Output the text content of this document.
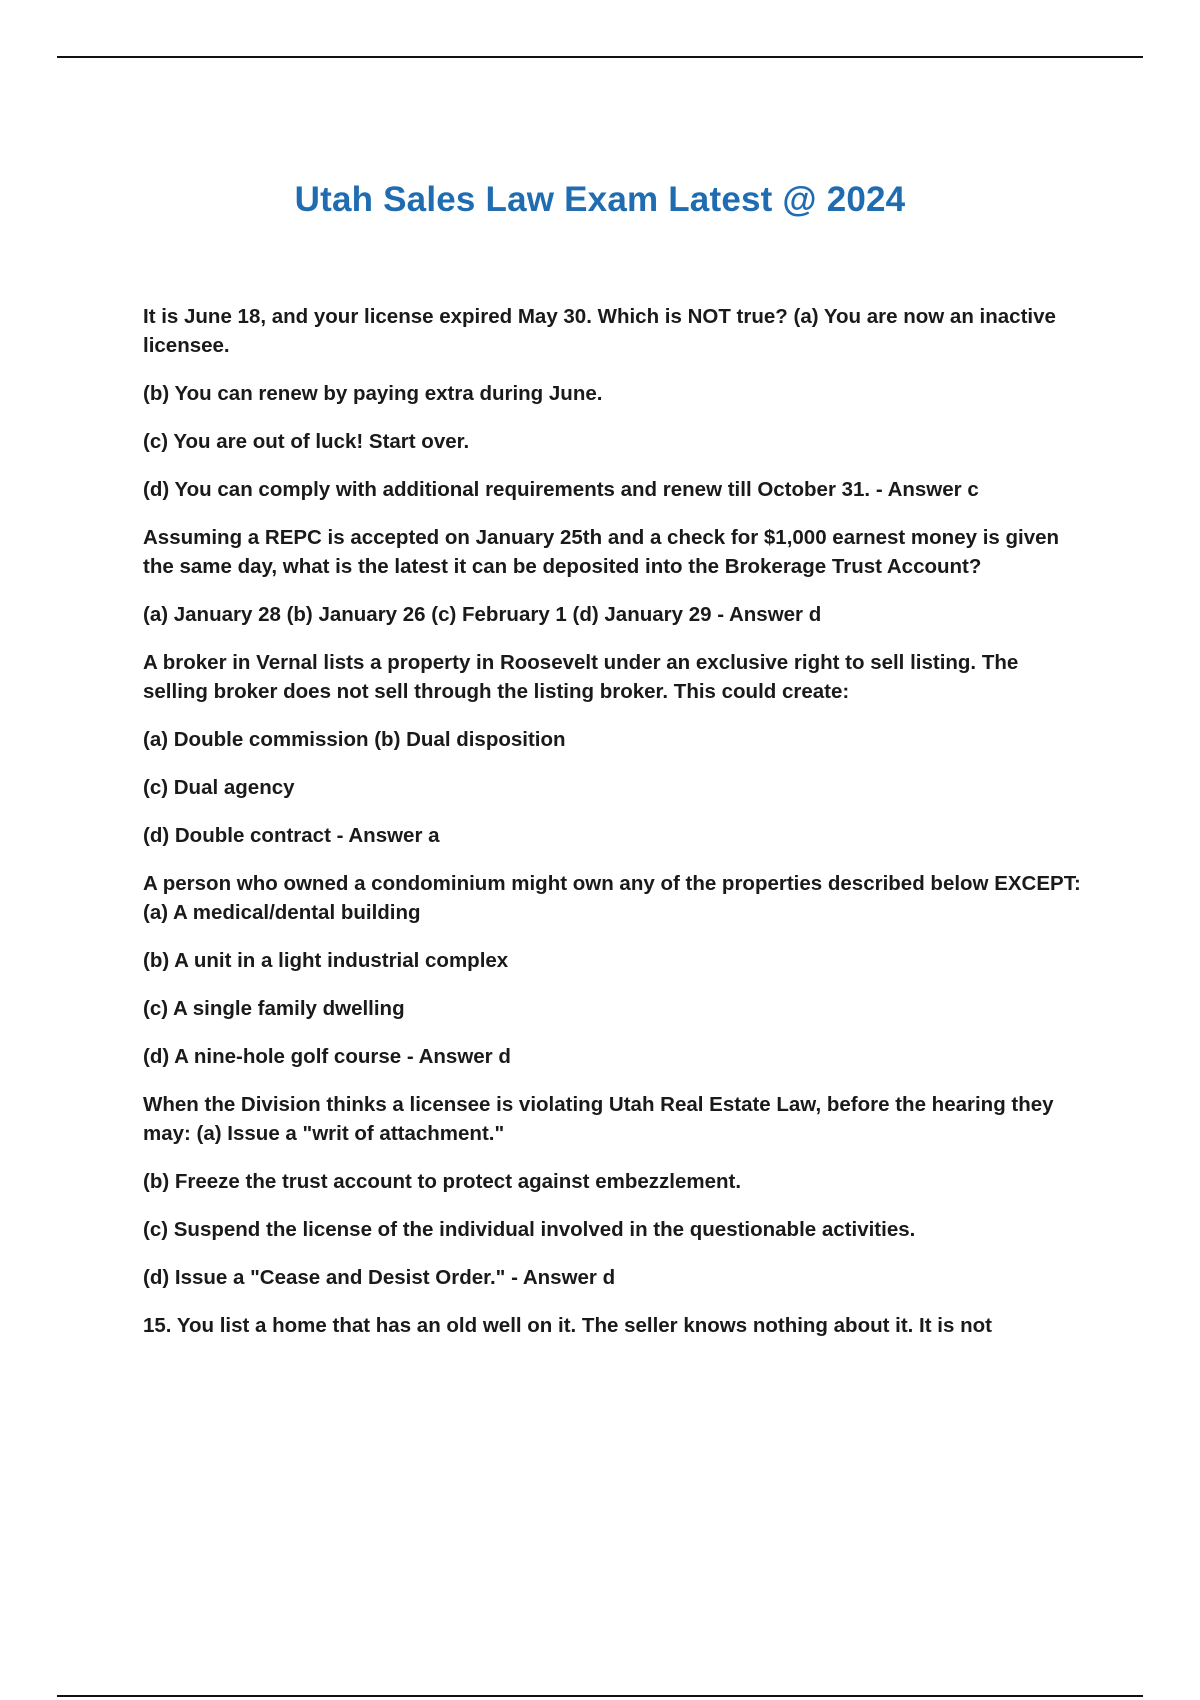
Utah Sales Law Exam Latest @ 2024

It is June 18, and your license expired May 30. Which is NOT true? (a) You are now an inactive licensee.

(b) You can renew by paying extra during June.

(c) You are out of luck! Start over.

(d) You can comply with additional requirements and renew till October 31. - Answer c

Assuming a REPC is accepted on January 25th and a check for $1,000 earnest money is given the same day, what is the latest it can be deposited into the Brokerage Trust Account?

(a) January 28 (b) January 26 (c) February 1 (d) January 29 - Answer d

A broker in Vernal lists a property in Roosevelt under an exclusive right to sell listing. The selling broker does not sell through the listing broker. This could create:

(a) Double commission (b) Dual disposition

(c) Dual agency

(d) Double contract - Answer a

A person who owned a condominium might own any of the properties described below EXCEPT: (a) A medical/dental building

(b) A unit in a light industrial complex

(c) A single family dwelling

(d) A nine-hole golf course - Answer d

When the Division thinks a licensee is violating Utah Real Estate Law, before the hearing they may: (a) Issue a "writ of attachment."

(b) Freeze the trust account to protect against embezzlement.

(c) Suspend the license of the individual involved in the questionable activities.

(d) Issue a "Cease and Desist Order." - Answer d

15. You list a home that has an old well on it. The seller knows nothing about it. It is not
